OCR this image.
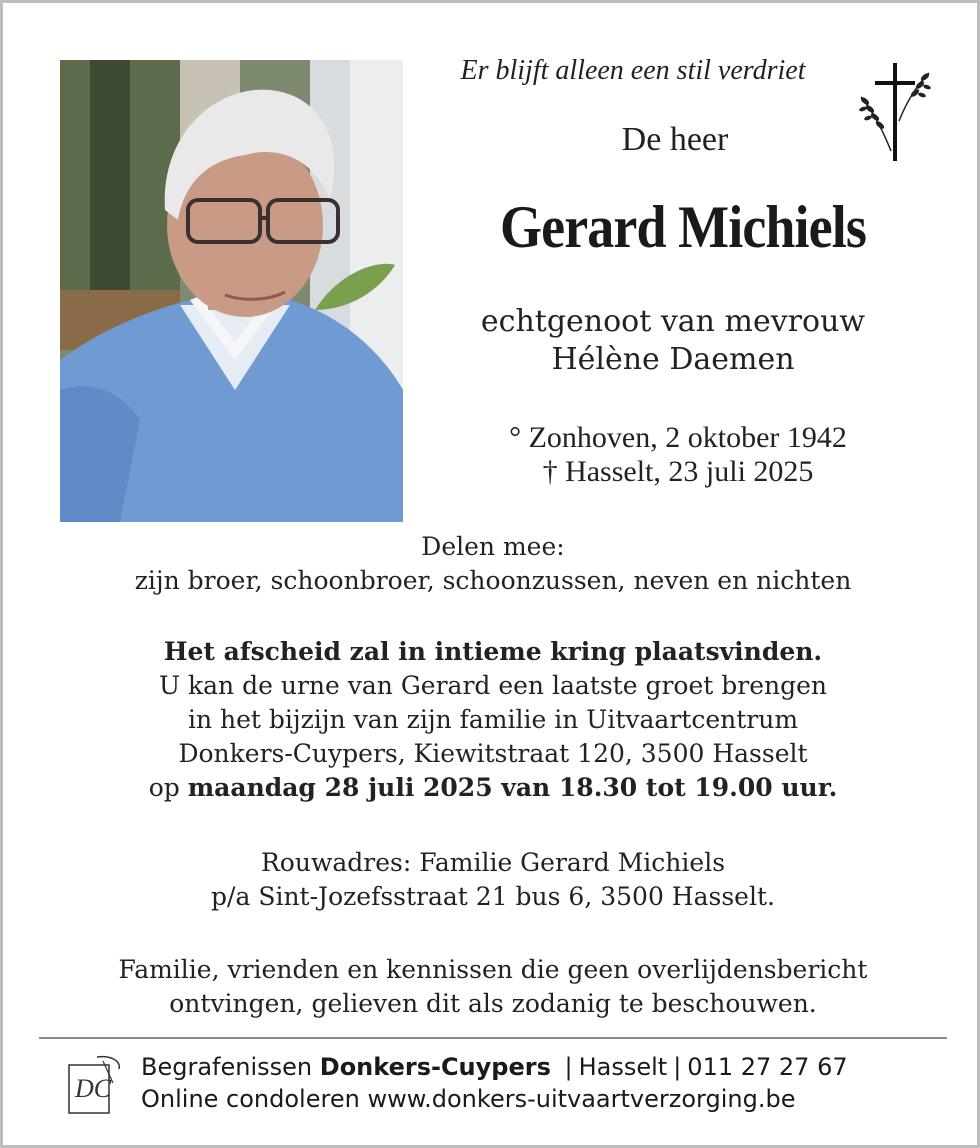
Er blijft alleen een stil verdriet
De heer
Gerard Michiels
echtgenoot van mevrouw
Hélène Daemen
° Zonhoven, 2 oktober 1942
† Hasselt, 23 juli 2025
Delen mee:
zijn broer, schoonbroer, schoonzussen, neven en nichten
Het afscheid zal in intieme kring plaatsvinden.
U kan de urne van Gerard een laatste groet brengen
in het bijzijn van zijn familie in Uitvaartcentrum
Donkers-Cuypers, Kiewitstraat 120, 3500 Hasselt
op maandag 28 juli 2025 van 18.30 tot 19.00 uur.
Rouwadres: Familie Gerard Michiels
p/a Sint-Jozefsstraat 21 bus 6, 3500 Hasselt.
Familie, vrienden en kennissen die geen overlijdensbericht
ontvingen, gelieven dit als zodanig te beschouwen.
DC
Begrafenissen Donkers-Cuypers | Hasselt | 011 27 27 67
Online condoleren www.donkers-uitvaartverzorging.be
